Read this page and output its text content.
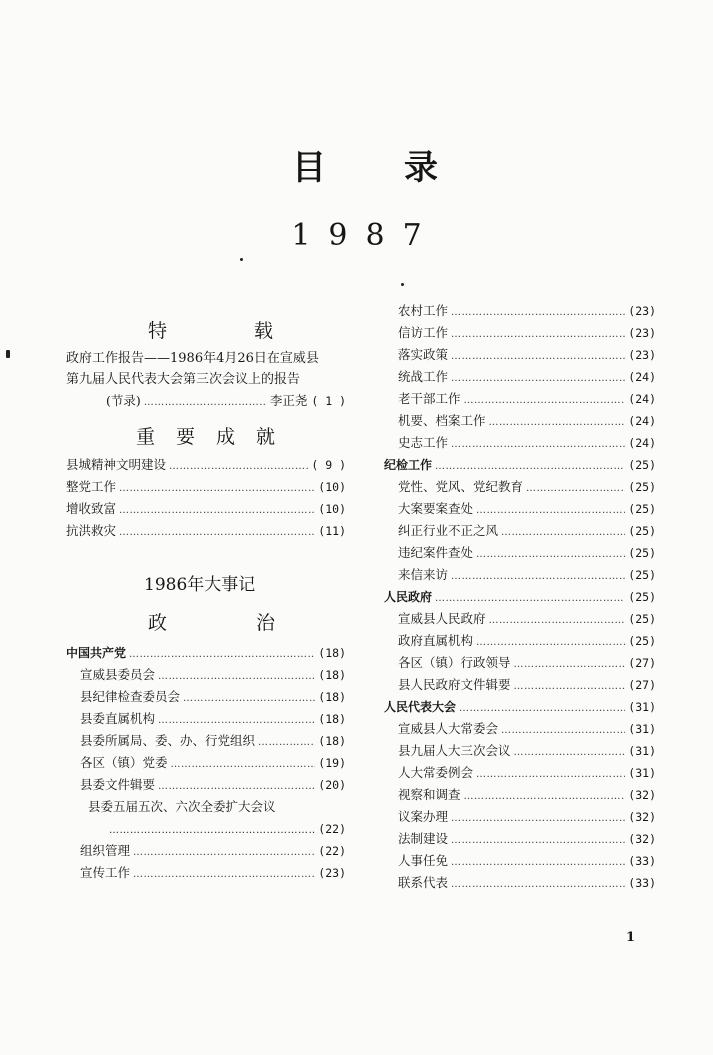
目 录
1987
特	载

政府工作报告——1986年4月26日在宣威县

第九届人民代表大会第三次会议上的报告

(节录) ……………………………………………………………………………………………………	李正尧 ( 1 )
重 要 成 就
县城精神文明建设 ……………………………………………………………………………………………………	( 9 )
整党工作 ……………………………………………………………………………………………………	(10)
增收致富 ……………………………………………………………………………………………………	(10)
抗洪救灾 ……………………………………………………………………………………………………	(11)
1986年大事记
政	治
中国共产党 ……………………………………………………………………………………………………	(18)
宣威县委员会 ……………………………………………………………………………………………………	(18)
县纪律检查委员会 ……………………………………………………………………………………………………	(18)
县委直属机构 ……………………………………………………………………………………………………	(18)
县委所属局、委、办、行党组织 ……………………………………………………………………………………………………	(18)
各区（镇）党委 ……………………………………………………………………………………………………	(19)
县委文件辑要 ……………………………………………………………………………………………………	(20)
县委五届五次、六次全委扩大会议
……………………………………………………………………………………………………
(22)
组织管理 ……………………………………………………………………………………………………	(22)
宣传工作 ……………………………………………………………………………………………………	(23)
农村工作 ……………………………………………………………………………………………………	(23)
信访工作 ……………………………………………………………………………………………………	(23)
落实政策 ……………………………………………………………………………………………………	(23)
统战工作 ……………………………………………………………………………………………………	(24)
老干部工作 ……………………………………………………………………………………………………	(24)
机要、档案工作 ……………………………………………………………………………………………………	(24)
史志工作 ……………………………………………………………………………………………………	(24)
纪检工作 ……………………………………………………………………………………………………	(25)
党性、党风、党纪教育 ……………………………………………………………………………………………………	(25)
大案要案查处 ……………………………………………………………………………………………………	(25)
纠正行业不正之风 ……………………………………………………………………………………………………	(25)
违纪案件查处 ……………………………………………………………………………………………………	(25)
来信来访 ……………………………………………………………………………………………………	(25)
人民政府 ……………………………………………………………………………………………………	(25)
宣威县人民政府 ……………………………………………………………………………………………………	(25)
政府直属机构 ……………………………………………………………………………………………………	(25)
各区（镇）行政领导 ……………………………………………………………………………………………………	(27)
县人民政府文件辑要 ……………………………………………………………………………………………………	(27)
人民代表大会 ……………………………………………………………………………………………………	(31)
宣威县人大常委会 ……………………………………………………………………………………………………	(31)
县九届人大三次会议 ……………………………………………………………………………………………………	(31)
人大常委例会 ……………………………………………………………………………………………………	(31)
视察和调查 ……………………………………………………………………………………………………	(32)
议案办理 ……………………………………………………………………………………………………	(32)
法制建设 ……………………………………………………………………………………………………	(32)
人事任免 ……………………………………………………………………………………………………	(33)
联系代表 ……………………………………………………………………………………………………	(33)
1
